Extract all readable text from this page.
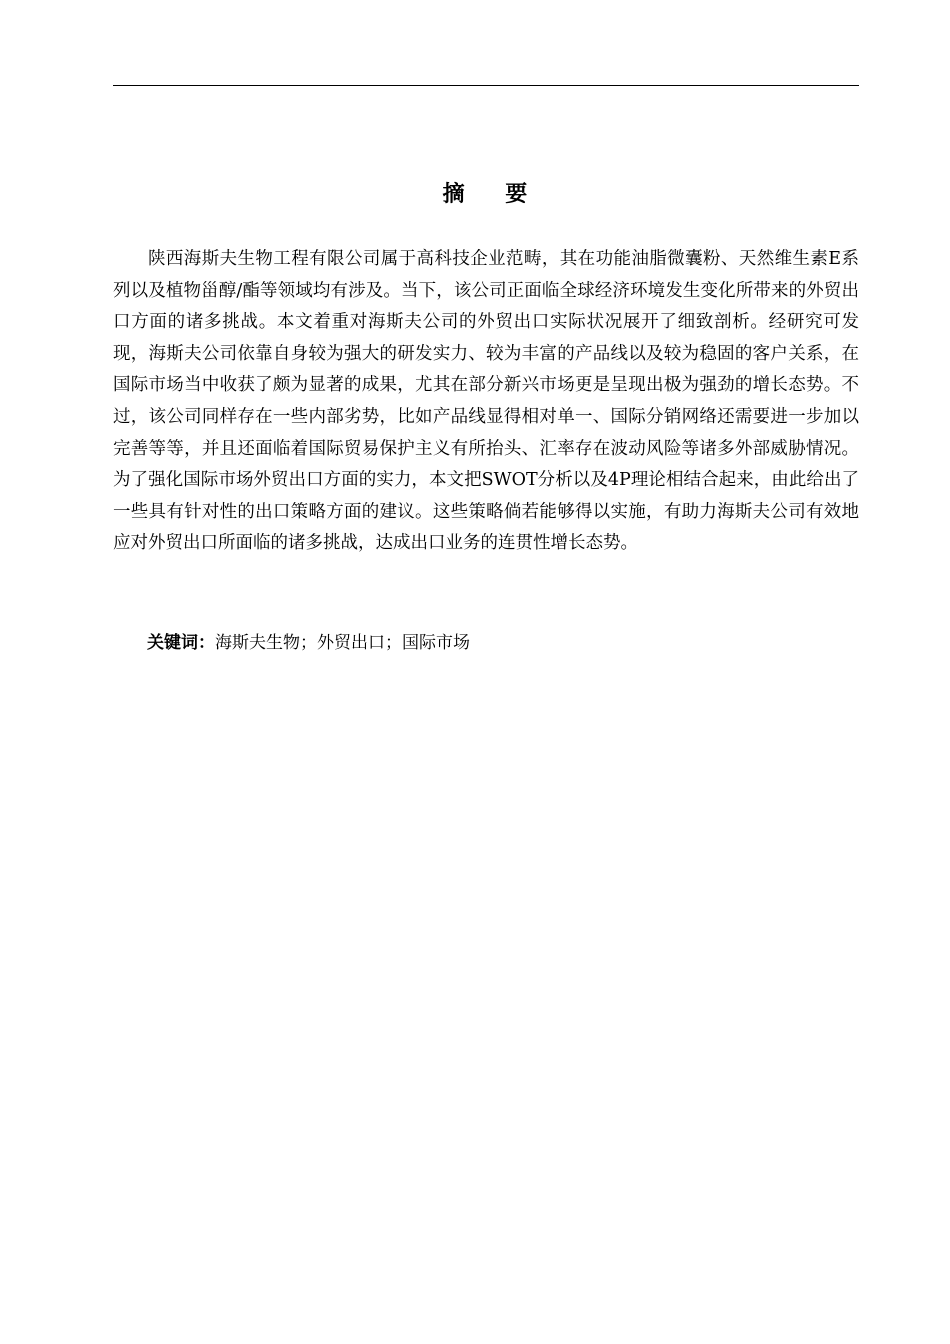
摘    要

陕西海斯夫生物工程有限公司属于高科技企业范畴，其在功能油脂微囊粉、天然维生素E系列以及植物甾醇/酯等领域均有涉及。当下，该公司正面临全球经济环境发生变化所带来的外贸出口方面的诸多挑战。本文着重对海斯夫公司的外贸出口实际状况展开了细致剖析。经研究可发现，海斯夫公司依靠自身较为强大的研发实力、较为丰富的产品线以及较为稳固的客户关系，在国际市场当中收获了颇为显著的成果，尤其在部分新兴市场更是呈现出极为强劲的增长态势。不过，该公司同样存在一些内部劣势，比如产品线显得相对单一、国际分销网络还需要进一步加以完善等等，并且还面临着国际贸易保护主义有所抬头、汇率存在波动风险等诸多外部威胁情况。为了强化国际市场外贸出口方面的实力，本文把SWOT分析以及4P理论相结合起来，由此给出了一些具有针对性的出口策略方面的建议。这些策略倘若能够得以实施，有助力海斯夫公司有效地应对外贸出口所面临的诸多挑战，达成出口业务的连贯性增长态势。

关键词：海斯夫生物；外贸出口；国际市场
